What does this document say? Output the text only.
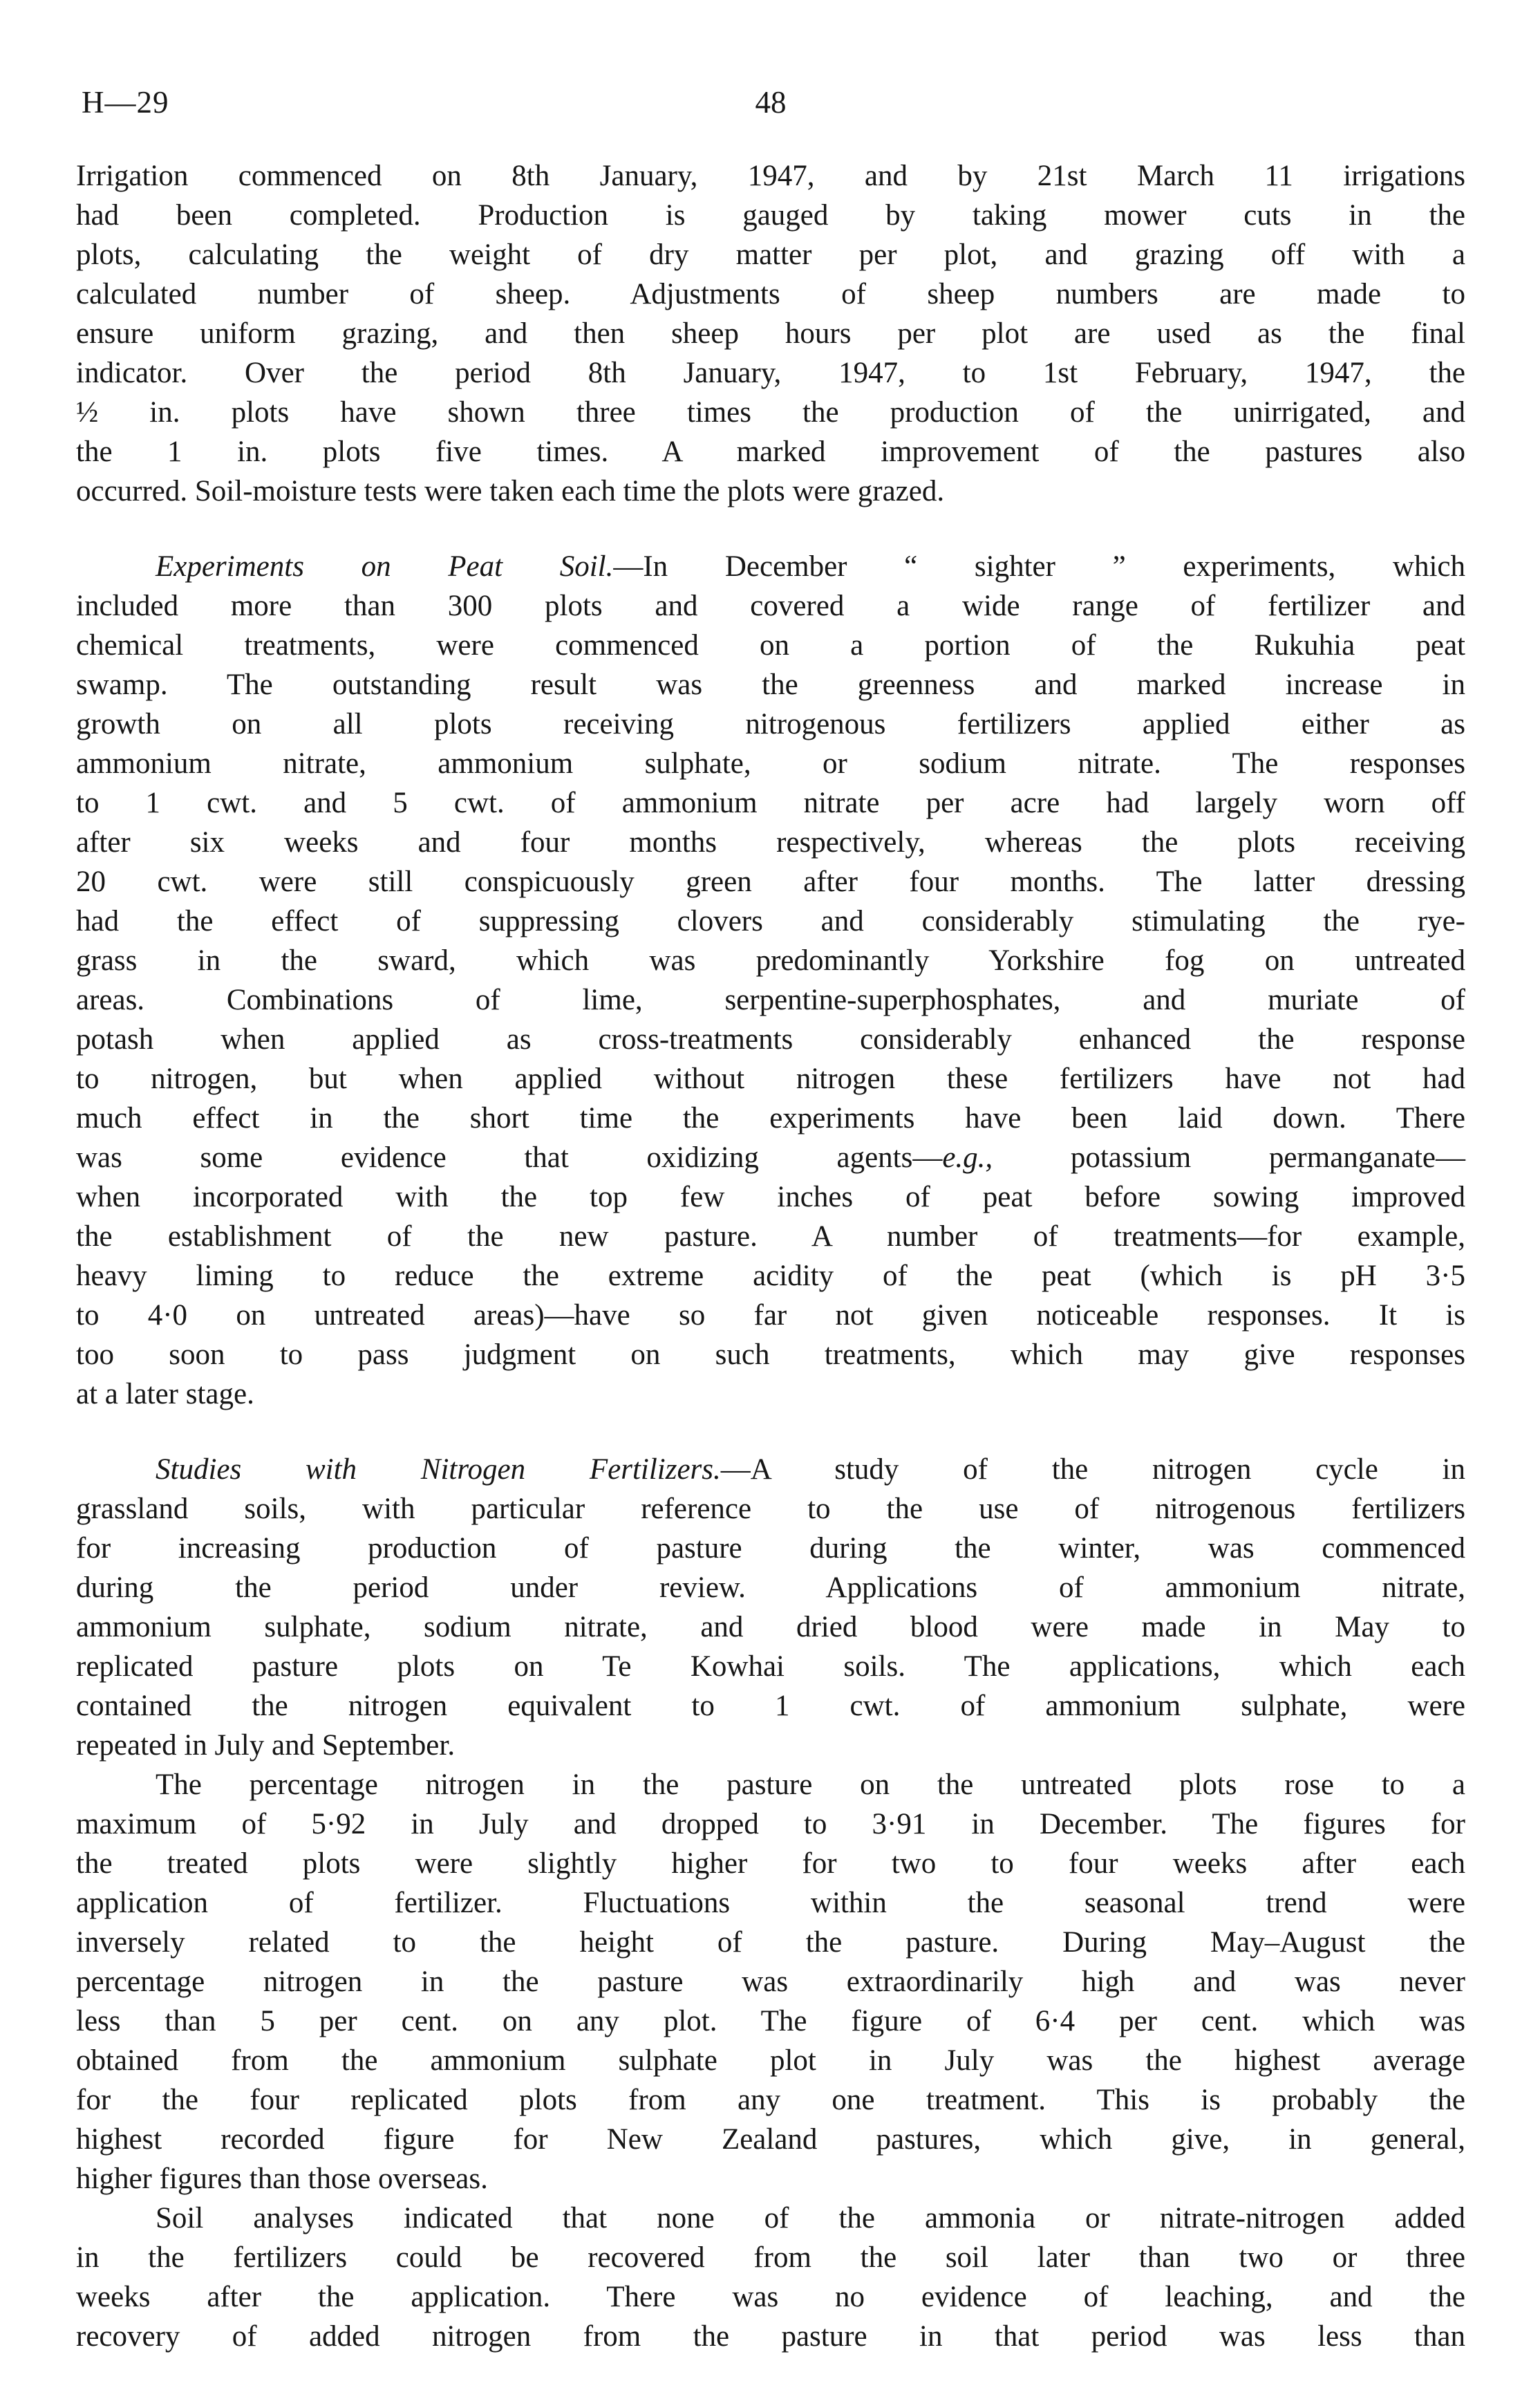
H—29	48
Irrigation commenced on 8th January, 1947, and by 21st March 11 irrigations
had been completed. Production is gauged by taking mower cuts in the
plots, calculating the weight of dry matter per plot, and grazing off with a
calculated number of sheep. Adjustments of sheep numbers are made to
ensure uniform grazing, and then sheep hours per plot are used as the final
indicator. Over the period 8th January, 1947, to 1st February, 1947, the
½ in. plots have shown three times the production of the unirrigated, and
the 1 in. plots five times. A marked improvement of the pastures also
occurred. Soil-moisture tests were taken each time the plots were grazed.
Experiments on Peat Soil.—In December “ sighter ” experiments, which
included more than 300 plots and covered a wide range of fertilizer and
chemical treatments, were commenced on a portion of the Rukuhia peat
swamp. The outstanding result was the greenness and marked increase in
growth on all plots receiving nitrogenous fertilizers applied either as
ammonium nitrate, ammonium sulphate, or sodium nitrate. The responses
to 1 cwt. and 5 cwt. of ammonium nitrate per acre had largely worn off
after six weeks and four months respectively, whereas the plots receiving
20 cwt. were still conspicuously green after four months. The latter dressing
had the effect of suppressing clovers and considerably stimulating the rye-
grass in the sward, which was predominantly Yorkshire fog on untreated
areas. Combinations of lime, serpentine-superphosphates, and muriate of
potash when applied as cross-treatments considerably enhanced the response
to nitrogen, but when applied without nitrogen these fertilizers have not had
much effect in the short time the experiments have been laid down. There
was some evidence that oxidizing agents—e.g., potassium permanganate—
when incorporated with the top few inches of peat before sowing improved
the establishment of the new pasture. A number of treatments—for example,
heavy liming to reduce the extreme acidity of the peat (which is pH 3·5
to 4·0 on untreated areas)—have so far not given noticeable responses. It is
too soon to pass judgment on such treatments, which may give responses
at a later stage.
Studies with Nitrogen Fertilizers.—A study of the nitrogen cycle in
grassland soils, with particular reference to the use of nitrogenous fertilizers
for increasing production of pasture during the winter, was commenced
during the period under review. Applications of ammonium nitrate,
ammonium sulphate, sodium nitrate, and dried blood were made in May to
replicated pasture plots on Te Kowhai soils. The applications, which each
contained the nitrogen equivalent to 1 cwt. of ammonium sulphate, were
repeated in July and September.
The percentage nitrogen in the pasture on the untreated plots rose to a
maximum of 5·92 in July and dropped to 3·91 in December. The figures for
the treated plots were slightly higher for two to four weeks after each
application of fertilizer. Fluctuations within the seasonal trend were
inversely related to the height of the pasture. During May–August the
percentage nitrogen in the pasture was extraordinarily high and was never
less than 5 per cent. on any plot. The figure of 6·4 per cent. which was
obtained from the ammonium sulphate plot in July was the highest average
for the four replicated plots from any one treatment. This is probably the
highest recorded figure for New Zealand pastures, which give, in general,
higher figures than those overseas.
Soil analyses indicated that none of the ammonia or nitrate-nitrogen added
in the fertilizers could be recovered from the soil later than two or three
weeks after the application. There was no evidence of leaching, and the
recovery of added nitrogen from the pasture in that period was less than
